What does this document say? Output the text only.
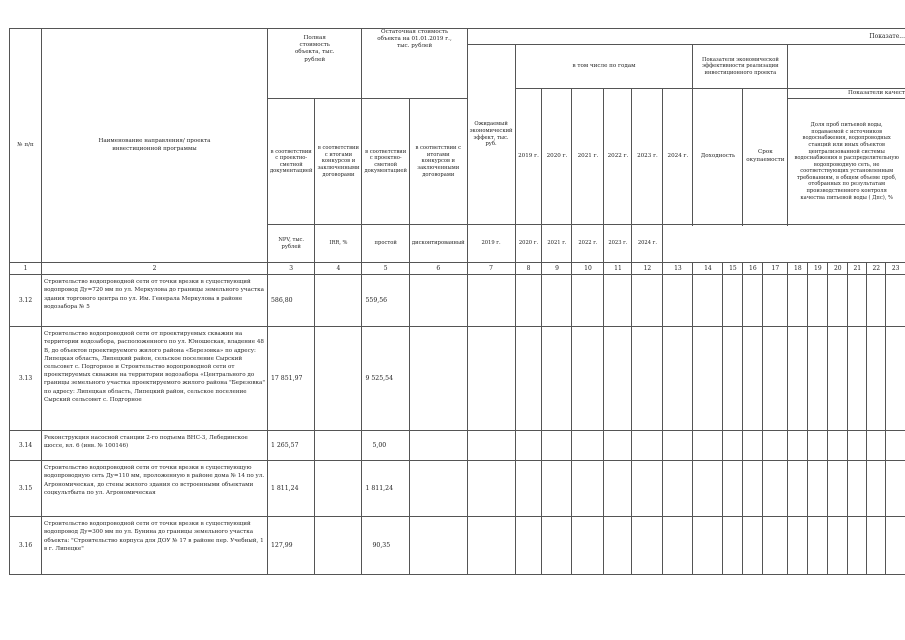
№ п/п	Наименование направления/ проекта инвестиционной программы	Полная стоимость объекта, тыс. рублей		Остаточная стоимость объекта на 01.01.2019 г., тыс. рублей		Показате...																
						Ожидаемый экономический эффект, тыс. руб.	в том числе по годам						Показатели экономической эффективности реализации инвестиционного проекта									
							2019 г.	2020 г.	2021 г.	2022 г.	2023 г.	2024 г.	Доходность		Срок окупаемости		Показатели качест					
		в соответствии с проектно-сметной документацией	в соответствии с итогами конкурсов и заключенными договорами	в соответствии с проектно-сметной документацией	в соответствии с итогами конкурсов и заключенными договорами												Доля проб питьевой воды, подаваемой с источников водоснабжения, водопроводных станций или иных объектов централизованной системы водоснабжения в распределительную водопроводную сеть, не соответствующих установленным требованиям, в общем объеме проб, отобранных по результатам производственного контроля качества питьевой воды ( Дпс), %					

		NPV, тыс. рублей	IRR, %	простой	дисконтированный	2019 г.	2020 г.	2021 г.	2022 г.	2023 г.	2024 г.											
1	2	3	4	5	6	7	8	9	10	11	12	13	14	15	16	17	18	19	20	21	22	23
3.12	Строительство водопроводной сети от точки врезки в существующий водопровод Ду=720 мм по ул. Меркулова до границы земельного участка здания торгового центра по ул. Им. Генерала Меркулова в районе водозабора № 5	586,80		559,56																		
3.13	Строительство водопроводной сети от проектируемых скважин на территории водозабора, расположенного по ул. Юношеская, владение 48 В, до объектов проектируемого жилого района «Березовка» по адресу: Липецкая область, Липецкий район, сельское поселение Сырский сельсовет с. Подгорное и Строительство водопроводной сети от проектируемых скважин на территории водозабора «Центрального до границы земельного участка проектируемого жилого района "Березовка" по адресу: Липецкая область, Липецкий район, сельское поселение Сырский сельсовет с. Подгорное	17 851,97		9 525,54																		
3.14	Реконструкция насосной станции 2-го подъема ВНС-3, Лебединское шоссе, вл. 6 (инв. № 100146)	1 265,57		5,00																		
3.15	Строительство водопроводной сети от точки врезки в существующую водопроводную сеть Ду=110 мм, проложенную в районе дома № 14 по ул. Агрономическая, до стены жилого здания со встроенными объектами соцкультбыта по ул. Агрономическая	1 811,24		1 811,24																		
3.16	Строительство водопроводной сети от точки врезки в существующий водопровод Ду=300 мм по ул. Бунина до границы земельного участка объекта: "Строительство корпуса для ДОУ № 17 в районе пер. Учебный, 1 в г. Липецке"	127,99		90,35																		
